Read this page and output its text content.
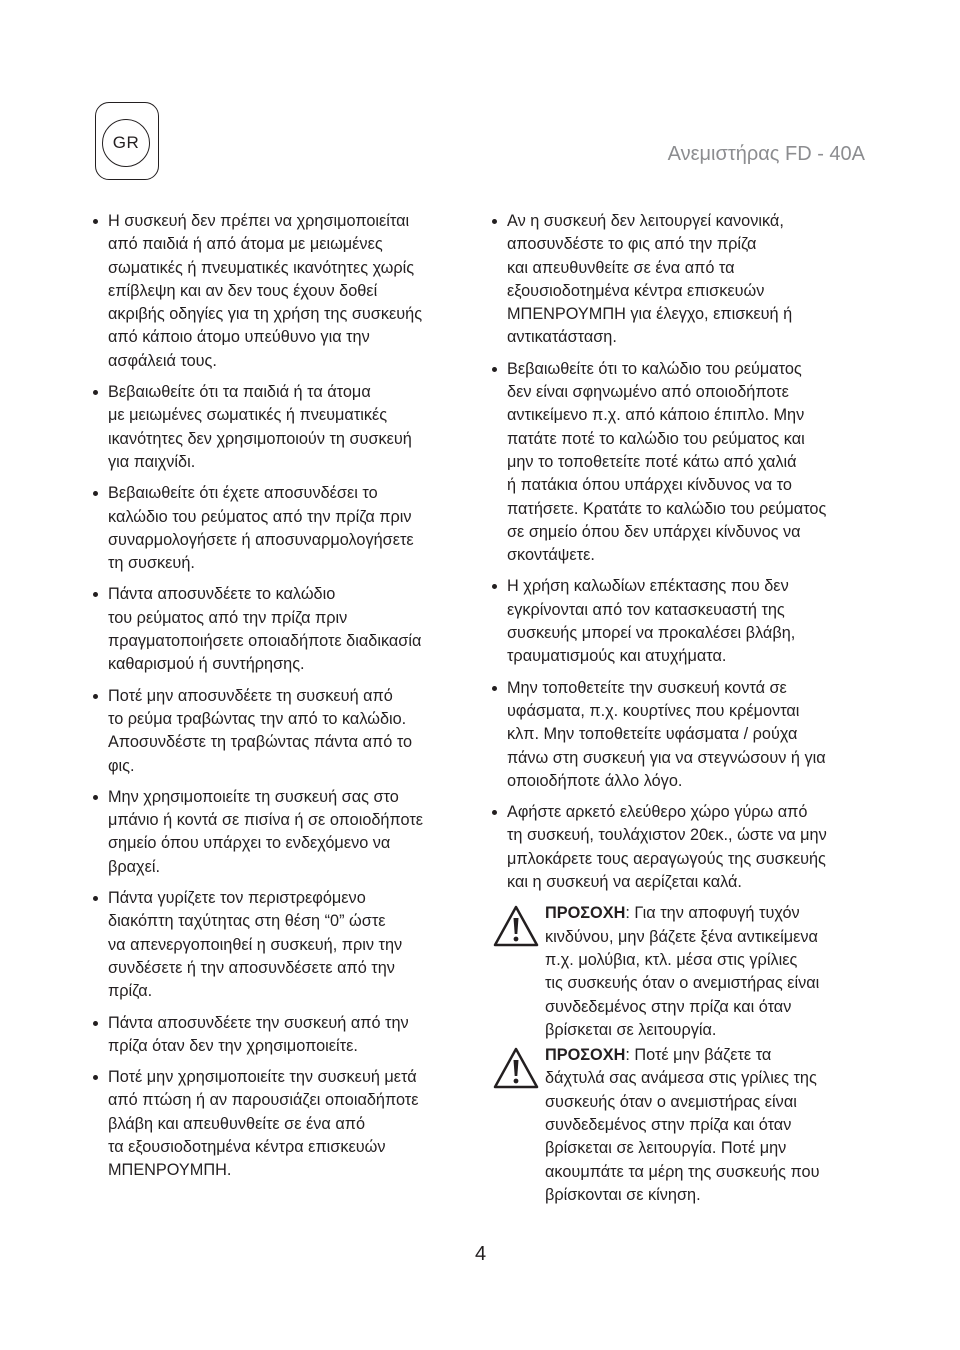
GR
Ανεμιστήρας FD - 40A
Η συσκευή δεν πρέπει να χρησιμοποιείται
από παιδιά ή από άτομα με μειωμένες
σωματικές ή πνευματικές ικανότητες χωρίς
επίβλεψη και αν δεν τους έχουν δοθεί
ακριβής οδηγίες για τη χρήση της συσκευής
από κάποιο άτομο υπεύθυνο για την
ασφάλειά τους.
Βεβαιωθείτε ότι τα παιδιά ή τα άτομα
με μειωμένες σωματικές ή πνευματικές
ικανότητες δεν χρησιμοποιούν τη συσκευή
για παιχνίδι.
Βεβαιωθείτε ότι έχετε αποσυνδέσει το
καλώδιο του ρεύματος από την πρίζα πριν
συναρμολογήσετε ή αποσυναρμολογήσετε
τη συσκευή.
Πάντα αποσυνδέετε το καλώδιο
του ρεύματος από την πρίζα πριν
πραγματοποιήσετε οποιαδήποτε διαδικασία
καθαρισμού ή συντήρησης.
Ποτέ μην αποσυνδέετε τη συσκευή από
το ρεύμα τραβώντας την από το καλώδιο.
Αποσυνδέστε τη τραβώντας πάντα από το
φις.
Μην χρησιμοποιείτε τη συσκευή σας στο
μπάνιο ή κοντά σε πισίνα ή σε οποιοδήποτε
σημείο όπου υπάρχει το ενδεχόμενο να
βραχεί.
Πάντα γυρίζετε τον περιστρεφόμενο
διακόπτη ταχύτητας στη θέση “0” ώστε
να απενεργοποιηθεί η συσκευή, πριν την
συνδέσετε ή την αποσυνδέσετε από την
πρίζα.
Πάντα αποσυνδέετε την συσκευή από την
πρίζα όταν δεν την χρησιμοποιείτε.
Ποτέ μην χρησιμοποιείτε την συσκευή μετά
από πτώση ή αν παρουσιάζει οποιαδήποτε
βλάβη και απευθυνθείτε σε ένα από
τα εξουσιοδοτημένα κέντρα επισκευών
ΜΠΕΝΡΟΥΜΠΗ.
Αν η συσκευή δεν λειτουργεί κανονικά,
αποσυνδέστε το φις από την πρίζα
και απευθυνθείτε σε ένα από τα
εξουσιοδοτημένα κέντρα επισκευών
ΜΠΕΝΡΟΥΜΠΗ για έλεγχο, επισκευή ή
αντικατάσταση.
Βεβαιωθείτε ότι το καλώδιο του ρεύματος
δεν είναι σφηνωμένο από οποιοδήποτε
αντικείμενο π.χ. από κάποιο έπιπλο. Μην
πατάτε ποτέ το καλώδιο του ρεύματος και
μην το τοποθετείτε ποτέ κάτω από χαλιά
ή πατάκια όπου υπάρχει κίνδυνος να το
πατήσετε. Κρατάτε το καλώδιο του ρεύματος
σε σημείο όπου δεν υπάρχει κίνδυνος να
σκοντάψετε.
Η χρήση καλωδίων επέκτασης που δεν
εγκρίνονται από τον κατασκευαστή της
συσκευής μπορεί να προκαλέσει βλάβη,
τραυματισμούς και ατυχήματα.
Μην τοποθετείτε την συσκευή κοντά σε
υφάσματα, π.χ. κουρτίνες που κρέμονται
κλπ. Μην τοποθετείτε υφάσματα / ρούχα
πάνω στη συσκευή για να στεγνώσουν ή για
οποιοδήποτε άλλο λόγο.
Αφήστε αρκετό ελεύθερο χώρο γύρω από
τη συσκευή, τουλάχιστον 20εκ., ώστε να μην
μπλοκάρετε τους αεραγωγούς της συσκευής
και η συσκευή να αερίζεται καλά.
ΠΡΟΣΟΧΗ: Για την αποφυγή τυχόν
κινδύνου, μην βάζετε ξένα αντικείμενα
π.χ. μολύβια, κτλ. μέσα στις γρίλιες
τις συσκευής όταν ο ανεμιστήρας είναι
συνδεδεμένος στην πρίζα και όταν
βρίσκεται σε λειτουργία.
ΠΡΟΣΟΧΗ: Ποτέ μην βάζετε τα
δάχτυλά σας ανάμεσα στις γρίλιες της
συσκευής όταν ο ανεμιστήρας είναι
συνδεδεμένος στην πρίζα και όταν
βρίσκεται σε λειτουργία. Ποτέ μην
ακουμπάτε τα μέρη της συσκευής που
βρίσκονται σε κίνηση.
4
